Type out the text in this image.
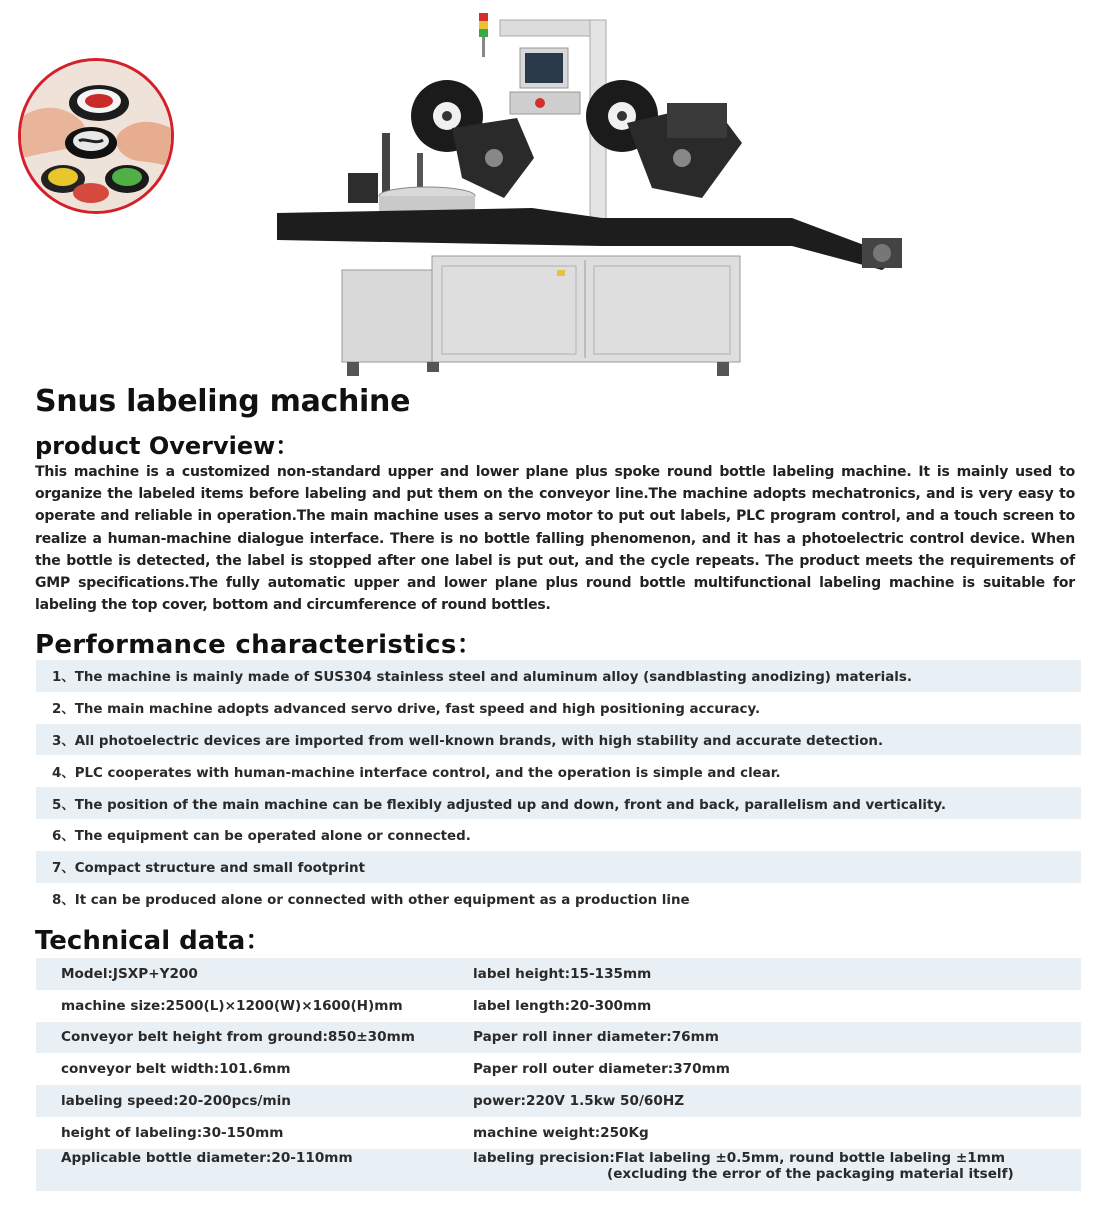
Snus labeling machine
product Overview：

This machine is a customized non-standard upper and lower plane plus spoke round bottle labeling machine. It is mainly used to organize the labeled items before labeling and put them on the conveyor line.The machine adopts mechatronics, and is very easy to operate and reliable in operation.The main machine uses a servo motor to put out labels, PLC program control, and a touch screen to realize a human-machine dialogue interface. There is no bottle falling phenomenon, and it has a photoelectric control device. When the bottle is detected, the label is stopped after one label is put out, and the cycle repeats. The product meets the requirements of GMP specifications.The fully automatic upper and lower plane plus round bottle multifunctional labeling machine is suitable for labeling the top cover, bottom and circumference of round bottles.

Performance characteristics：
1、The machine is mainly made of SUS304 stainless steel and aluminum alloy (sandblasting anodizing) materials.
2、The main machine adopts advanced servo drive, fast speed and high positioning accuracy.
3、All photoelectric devices are imported from well-known brands, with high stability and accurate detection.
4、PLC cooperates with human-machine interface control, and the operation is simple and clear.
5、The position of the main machine can be flexibly adjusted up and down, front and back, parallelism and verticality.
6、The equipment can be operated alone or connected.
7、Compact structure and small footprint
8、It can be produced alone or connected with other equipment as a production line
Technical data：
Model:JSXP+Y200	label height:15-135mm
machine size:2500(L)×1200(W)×1600(H)mm	label length:20-300mm
Conveyor belt height from ground:850±30mm	Paper roll inner diameter:76mm
conveyor belt width:101.6mm	Paper roll outer diameter:370mm
labeling speed:20-200pcs/min	power:220V 1.5kw 50/60HZ
height of labeling:30-150mm	machine weight:250Kg
Applicable bottle diameter:20-110mm	labeling precision:Flat labeling ±0.5mm, round bottle labeling ±1mm
(excluding the error of the packaging material itself)
